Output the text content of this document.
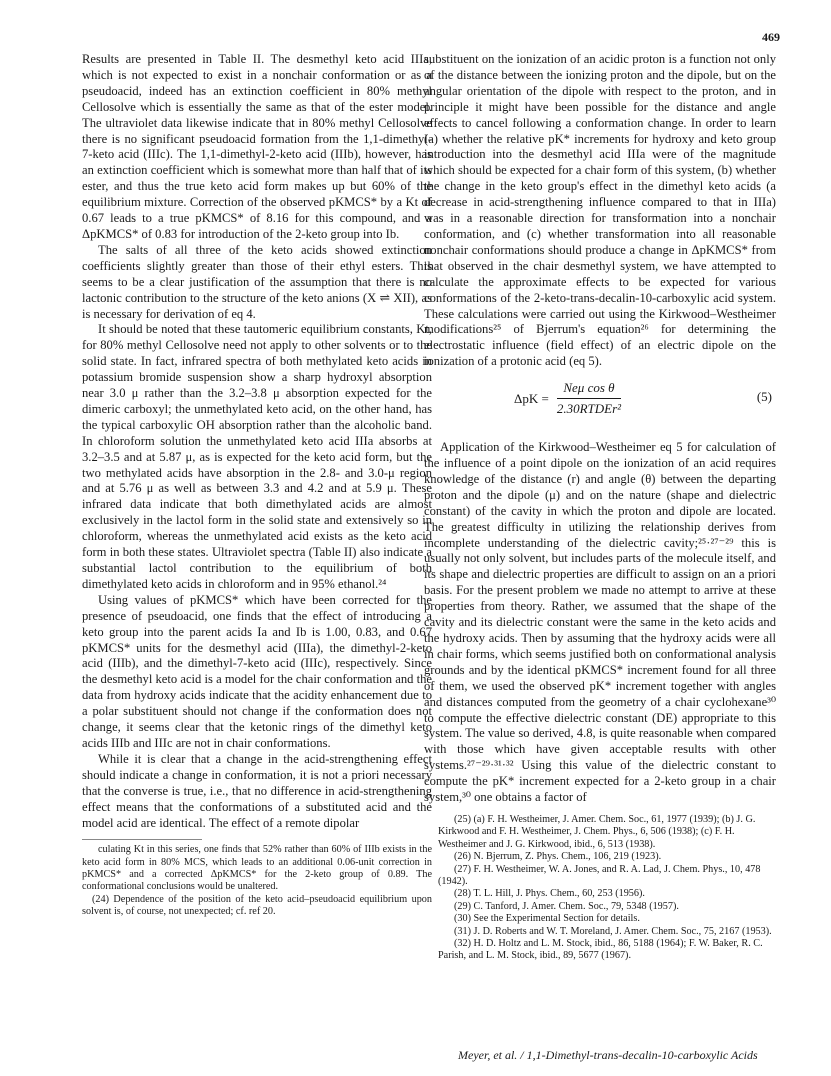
469

Results are presented in Table II. The desmethyl keto acid IIIa, which is not expected to exist in a nonchair conformation or as a pseudoacid, indeed has an extinction coefficient in 80% methyl Cellosolve which is essentially the same as that of the ester model. The ultraviolet data likewise indicate that in 80% methyl Cellosolve there is no significant pseudoacid formation from the 1,1-dimethyl-7-keto acid (IIIc). The 1,1-dimethyl-2-keto acid (IIIb), however, has an extinction coefficient which is somewhat more than half that of its ester, and thus the true keto acid form makes up but 60% of the equilibrium mixture. Correction of the observed pKMCS* by a Kt of 0.67 leads to a true pKMCS* of 8.16 for this compound, and a ΔpKMCS* of 0.83 for introduction of the 2-keto group into Ib.

The salts of all three of the keto acids showed extinction coefficients slightly greater than those of their ethyl esters. This seems to be a clear justification of the assumption that there is no lactonic contribution to the structure of the keto anions (X ⇌ XII), as is necessary for derivation of eq 4.

It should be noted that these tautomeric equilibrium constants, Kt, for 80% methyl Cellosolve need not apply to other solvents or to the solid state. In fact, infrared spectra of both methylated keto acids in potassium bromide suspension show a sharp hydroxyl absorption near 3.0 μ rather than the 3.2–3.8 μ absorption expected for the dimeric carboxyl; the unmethylated keto acid, on the other hand, has the typical carboxylic OH absorption rather than the alcoholic band. In chloroform solution the unmethylated keto acid IIIa absorbs at 3.2–3.5 and at 5.87 μ, as is expected for the keto acid form, but the two methylated acids have absorption in the 2.8- and 3.0-μ region and at 5.76 μ as well as between 3.3 and 4.2 and at 5.9 μ. These infrared data indicate that both dimethylated acids are almost exclusively in the lactol form in the solid state and extensively so in chloroform, whereas the unmethylated acid exists as the keto acid form in both these states. Ultraviolet spectra (Table II) also indicate a substantial lactol contribution to the equilibrium of both dimethylated keto acids in chloroform and in 95% ethanol.²⁴

Using values of pKMCS* which have been corrected for the presence of pseudoacid, one finds that the effect of introducing a keto group into the parent acids Ia and Ib is 1.00, 0.83, and 0.67 pKMCS* units for the desmethyl acid (IIIa), the dimethyl-2-keto acid (IIIb), and the dimethyl-7-keto acid (IIIc), respectively. Since the desmethyl keto acid is a model for the chair conformation and the data from hydroxy acids indicate that the acidity enhancement due to a polar substituent should not change if the conformation does not change, it seems clear that the ketonic rings of the dimethyl keto acids IIIb and IIIc are not in chair conformations.

While it is clear that a change in the acid-strengthening effect should indicate a change in conformation, it is not a priori necessary that the converse is true, i.e., that no difference in acid-strengthening effect means that the conformations of a substituted acid and the model acid are identical. The effect of a remote dipolar

culating Kt in this series, one finds that 52% rather than 60% of IIIb exists in the keto acid form in 80% MCS, which leads to an additional 0.06-unit correction in pKMCS* and a corrected ΔpKMCS* for the 2-keto group of 0.89. The conformational conclusions would be unaltered.

(24) Dependence of the position of the keto acid–pseudoacid equilibrium upon solvent is, of course, not unexpected; cf. ref 20.

substituent on the ionization of an acidic proton is a function not only of the distance between the ionizing proton and the dipole, but on the angular orientation of the dipole with respect to the proton, and in principle it might have been possible for the distance and angle effects to cancel following a conformation change. In order to learn (a) whether the relative pK* increments for hydroxy and keto group introduction into the desmethyl acid IIIa were of the magnitude which should be expected for a chair form of this system, (b) whether the change in the keto group's effect in the dimethyl keto acids (a decrease in acid-strengthening influence compared to that in IIIa) was in a reasonable direction for transformation into a nonchair conformation, and (c) whether transformation into all reasonable nonchair conformations should produce a change in ΔpKMCS* from that observed in the chair desmethyl system, we have attempted to calculate the approximate effects to be expected for various conformations of the 2-keto-trans-decalin-10-carboxylic acid system. These calculations were carried out using the Kirkwood–Westheimer modifications²⁵ of Bjerrum's equation²⁶ for determining the electrostatic influence (field effect) of an electric dipole on the ionization of a protonic acid (eq 5).

$\Delta pK = \frac{\text{Neμ cos θ}}{\text{2.30RTDEr²}}$	(5)

Application of the Kirkwood–Westheimer eq 5 for calculation of the influence of a point dipole on the ionization of an acid requires knowledge of the distance (r) and angle (θ) between the departing proton and the dipole (μ) and on the nature (shape and dielectric constant) of the cavity in which the proton and dipole are located. The greatest difficulty in utilizing the relationship derives from incomplete understanding of the dielectric cavity;²⁵·²⁷⁻²⁹ this is usually not only solvent, but includes parts of the molecule itself, and its shape and dielectric properties are difficult to assign on an a priori basis. For the present problem we made no attempt to arrive at these properties from theory. Rather, we assumed that the shape of the cavity and its dielectric constant were the same in the keto acids and the hydroxy acids. Then by assuming that the hydroxy acids were all in chair forms, which seems justified both on conformational analysis grounds and by the identical pKMCS* increment found for all three of them, we used the observed pK* increment together with angles and distances computed from the geometry of a chair cyclohexane³⁰ to compute the effective dielectric constant (DE) appropriate to this system. The value so derived, 4.8, is quite reasonable when compared with those which have given acceptable results with other systems.²⁷⁻²⁹·³¹·³² Using this value of the dielectric constant to compute the pK* increment expected for a 2-keto group in a chair system,³⁰ one obtains a factor of

(25) (a) F. H. Westheimer, J. Amer. Chem. Soc., 61, 1977 (1939); (b) J. G. Kirkwood and F. H. Westheimer, J. Chem. Phys., 6, 506 (1938); (c) F. H. Westheimer and J. G. Kirkwood, ibid., 6, 513 (1938).

(26) N. Bjerrum, Z. Phys. Chem., 106, 219 (1923).

(27) F. H. Westheimer, W. A. Jones, and R. A. Lad, J. Chem. Phys., 10, 478 (1942).

(28) T. L. Hill, J. Phys. Chem., 60, 253 (1956).

(29) C. Tanford, J. Amer. Chem. Soc., 79, 5348 (1957).

(30) See the Experimental Section for details.

(31) J. D. Roberts and W. T. Moreland, J. Amer. Chem. Soc., 75, 2167 (1953).

(32) H. D. Holtz and L. M. Stock, ibid., 86, 5188 (1964); F. W. Baker, R. C. Parish, and L. M. Stock, ibid., 89, 5677 (1967).

Meyer, et al. / 1,1-Dimethyl-trans-decalin-10-carboxylic Acids
